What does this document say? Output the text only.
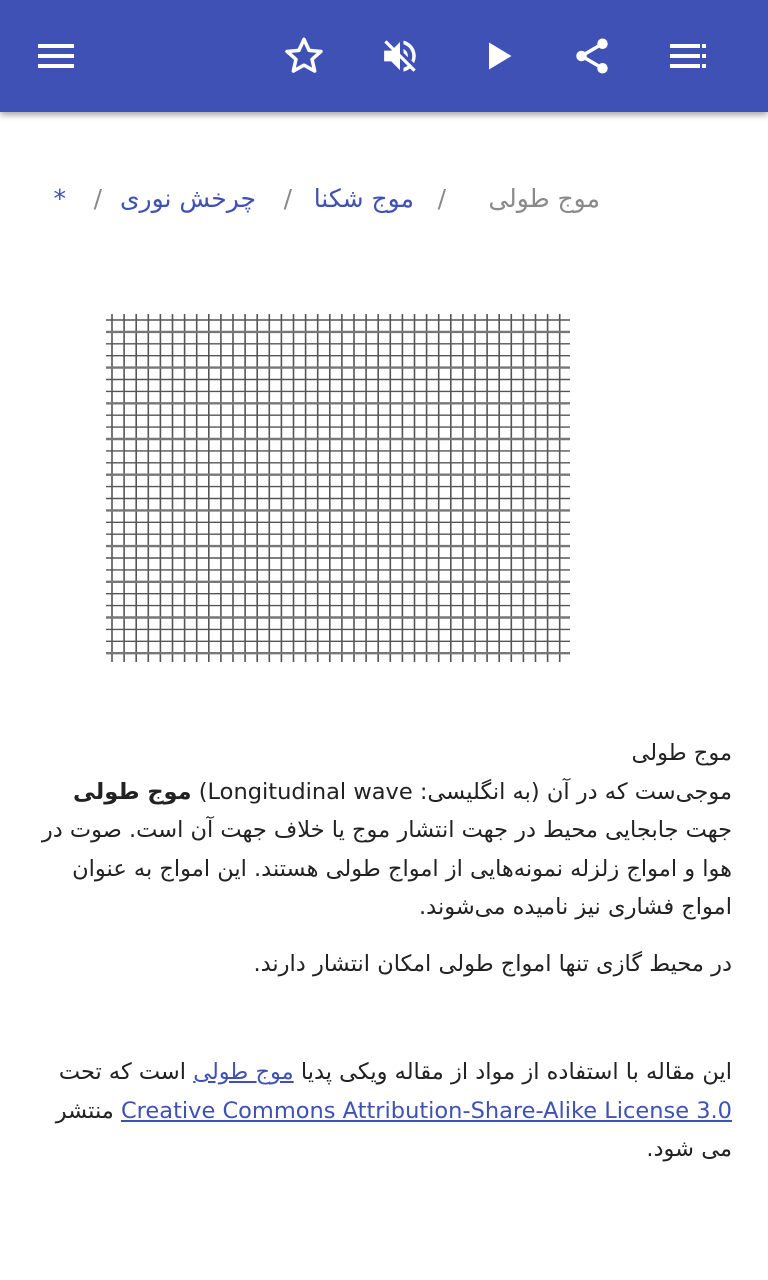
موج طولی
/
موج شکنا
/
چرخش نوری
/
*

موج طولی

موجی‌ست که در آن (به انگلیسی: Longitudinal wave) موج طولی جهت جابجایی محیط در جهت انتشار موج یا خلاف جهت آن است. صوت در هوا و امواج زلزله نمونه‌هایی از امواج طولی هستند. این امواج به عنوان امواج فشاری نیز نامیده می‌شوند.

در محیط گازی تنها امواج طولی امکان انتشار دارند.

این مقاله با استفاده از مواد از مقاله ویکی پدیا موج طولی است که تحت Creative Commons Attribution-Share-Alike License 3.0 منتشر می شود.
